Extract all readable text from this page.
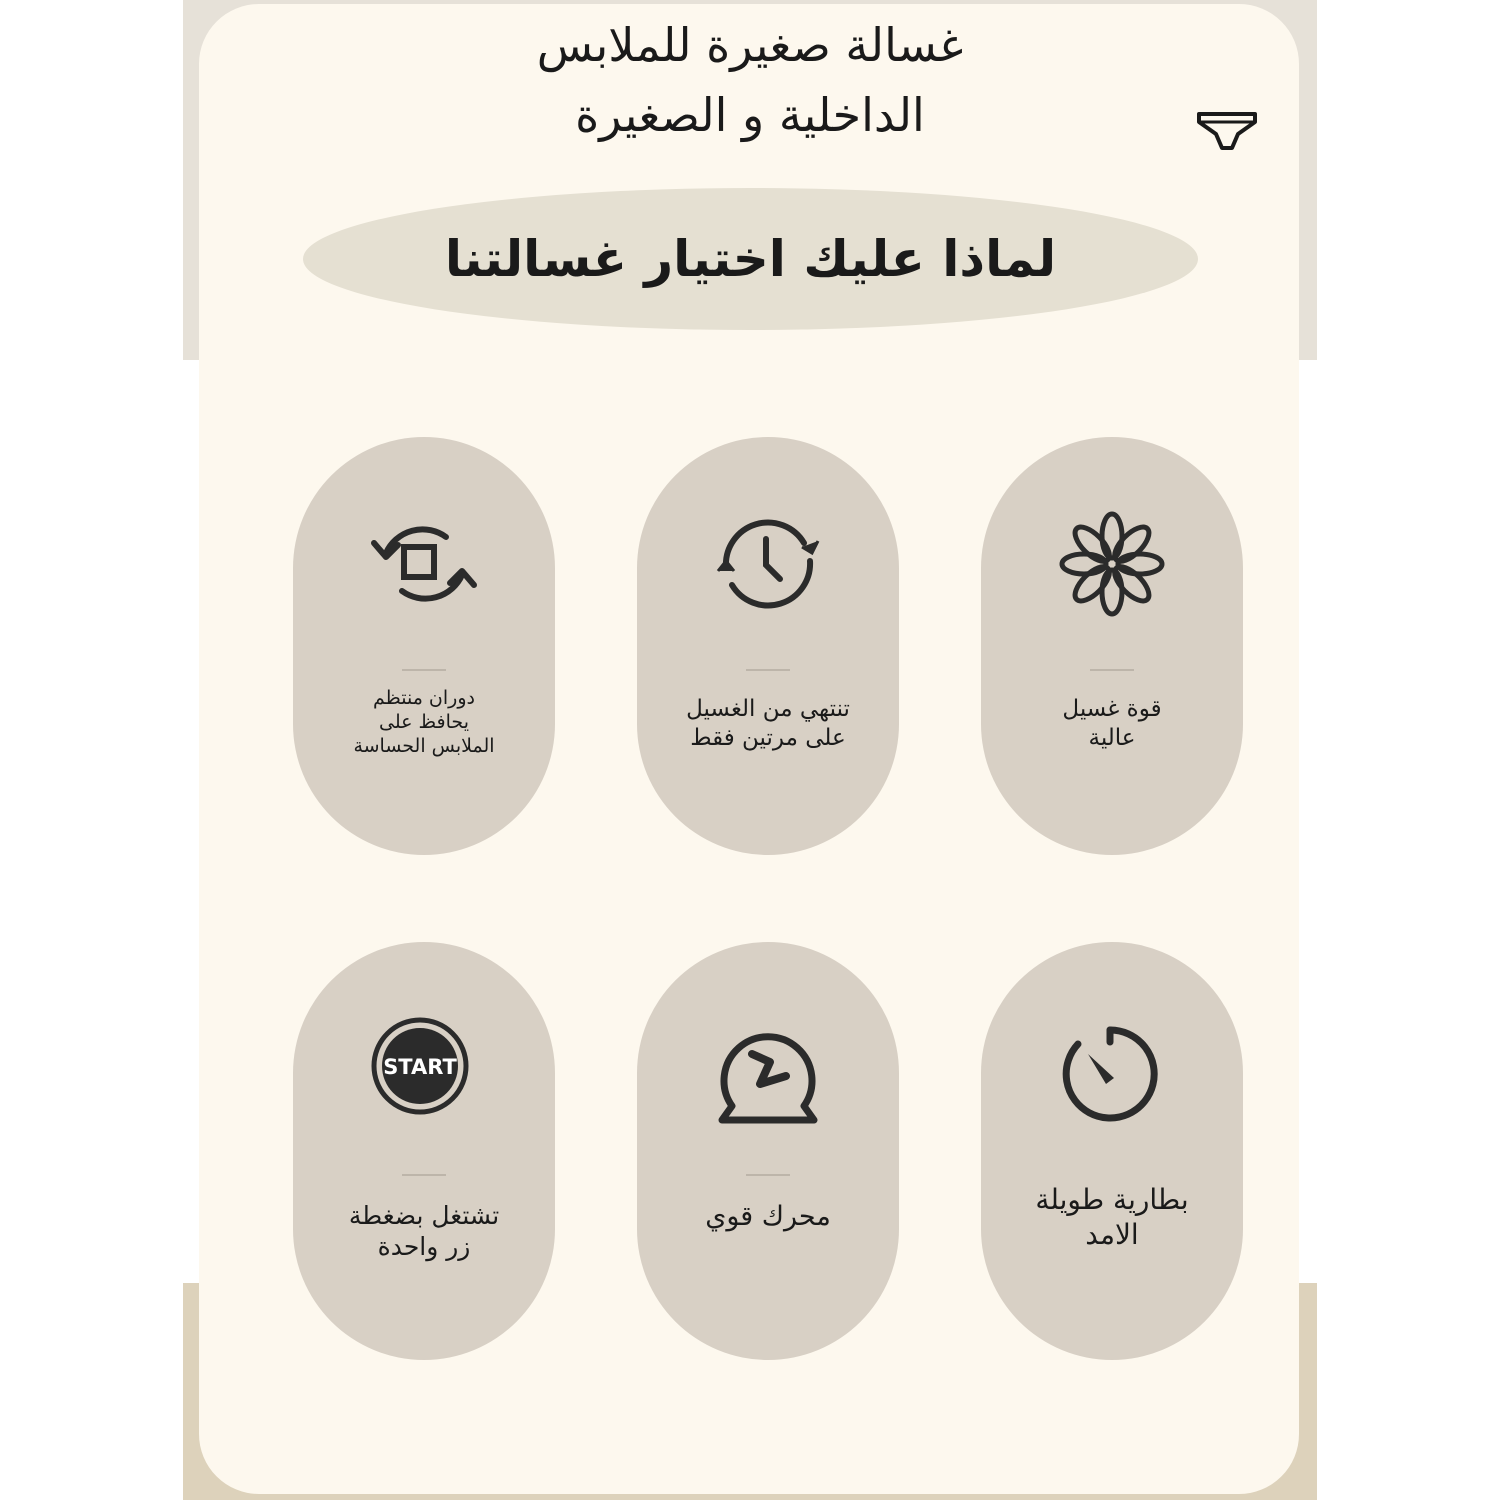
غسالة صغيرة للملابس
الداخلية و الصغيرة
لماذا عليك اختيار غسالتنا
دوران منتظم
يحافظ على
الملابس الحساسة
تنتهي من الغسيل
على مرتين فقط
قوة غسيل
عالية
START
تشتغل بضغطة
زر واحدة
محرك قوي
بطارية طويلة
الامد
